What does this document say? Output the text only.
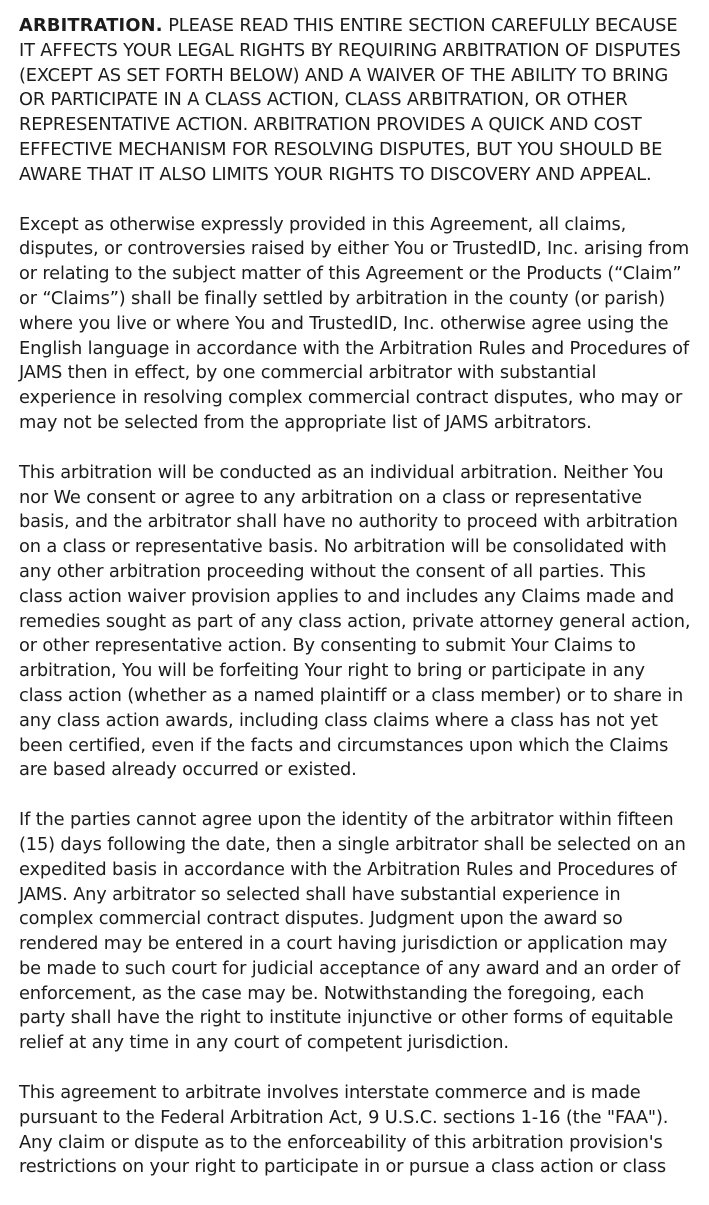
ARBITRATION. PLEASE READ THIS ENTIRE SECTION CAREFULLY BECAUSE IT AFFECTS YOUR LEGAL RIGHTS BY REQUIRING ARBITRATION OF DISPUTES (EXCEPT AS SET FORTH BELOW) AND A WAIVER OF THE ABILITY TO BRING OR PARTICIPATE IN A CLASS ACTION, CLASS ARBITRATION, OR OTHER REPRESENTATIVE ACTION. ARBITRATION PROVIDES A QUICK AND COST EFFECTIVE MECHANISM FOR RESOLVING DISPUTES, BUT YOU SHOULD BE AWARE THAT IT ALSO LIMITS YOUR RIGHTS TO DISCOVERY AND APPEAL.

Except as otherwise expressly provided in this Agreement, all claims, disputes, or controversies raised by either You or TrustedID, Inc. arising from or relating to the subject matter of this Agreement or the Products (“Claim” or “Claims”) shall be finally settled by arbitration in the county (or parish) where you live or where You and TrustedID, Inc. otherwise agree using the English language in accordance with the Arbitration Rules and Procedures of JAMS then in effect, by one commercial arbitrator with substantial experience in resolving complex commercial contract disputes, who may or may not be selected from the appropriate list of JAMS arbitrators.

This arbitration will be conducted as an individual arbitration. Neither You nor We consent or agree to any arbitration on a class or representative basis, and the arbitrator shall have no authority to proceed with arbitration on a class or representative basis. No arbitration will be consolidated with any other arbitration proceeding without the consent of all parties. This class action waiver provision applies to and includes any Claims made and remedies sought as part of any class action, private attorney general action, or other representative action. By consenting to submit Your Claims to arbitration, You will be forfeiting Your right to bring or participate in any class action (whether as a named plaintiff or a class member) or to share in any class action awards, including class claims where a class has not yet been certified, even if the facts and circumstances upon which the Claims are based already occurred or existed.

If the parties cannot agree upon the identity of the arbitrator within fifteen (15) days following the date, then a single arbitrator shall be selected on an expedited basis in accordance with the Arbitration Rules and Procedures of JAMS. Any arbitrator so selected shall have substantial experience in complex commercial contract disputes. Judgment upon the award so rendered may be entered in a court having jurisdiction or application may be made to such court for judicial acceptance of any award and an order of enforcement, as the case may be. Notwithstanding the foregoing, each party shall have the right to institute injunctive or other forms of equitable relief at any time in any court of competent jurisdiction.

This agreement to arbitrate involves interstate commerce and is made pursuant to the Federal Arbitration Act, 9 U.S.C. sections 1-16 (the "FAA"). Any claim or dispute as to the enforceability of this arbitration provision's restrictions on your right to participate in or pursue a class action or class
